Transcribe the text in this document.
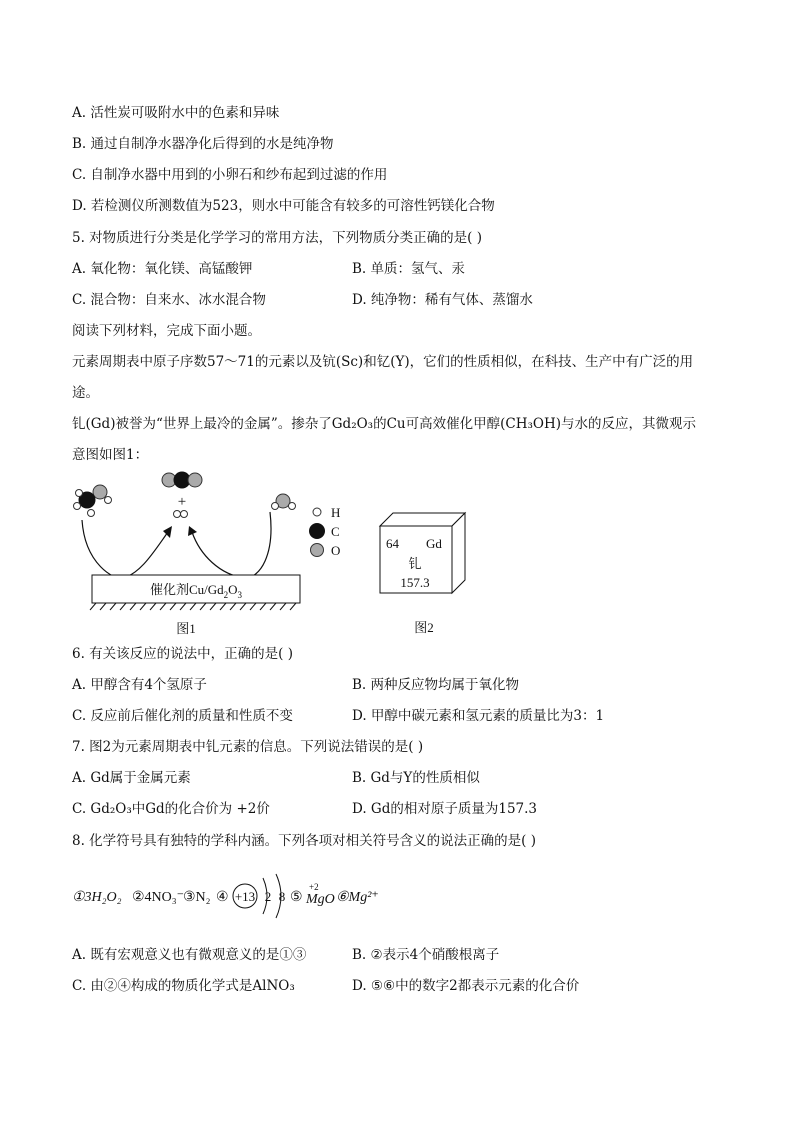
A. 活性炭可吸附水中的色素和异味
B. 通过自制净水器净化后得到的水是纯净物
C. 自制净水器中用到的小卵石和纱布起到过滤的作用
D. 若检测仪所测数值为523，则水中可能含有较多的可溶性钙镁化合物
5. 对物质进行分类是化学学习的常用方法，下列物质分类正确的是( )
A. 氧化物：氧化镁、高锰酸钾	B. 单质：氢气、汞
C. 混合物：自来水、冰水混合物	D. 纯净物：稀有气体、蒸馏水
阅读下列材料，完成下面小题。
元素周期表中原子序数57～71的元素以及钪(Sc)和钇(Y)，它们的性质相似，在科技、生产中有广泛的用
途。
钆(Gd)被誉为“世界上最冷的金属”。掺杂了Gd₂O₃的Cu可高效催化甲醇(CH₃OH)与水的反应，其微观示
意图如图1：
+
催化剂$Cu/Gd_2O_3$
H
C
O
图1
64 Gd
钆
157.3
图2
6. 有关该反应的说法中，正确的是( )
A. 甲醇含有4个氢原子	B. 两种反应物均属于氧化物
C. 反应前后催化剂的质量和性质不变	D. 甲醇中碳元素和氢元素的质量比为3：1
7. 图2为元素周期表中钆元素的信息。下列说法错误的是( )
A. Gd属于金属元素	B. Gd与Y的性质相似
C. Gd₂O₃中Gd的化合价为 +2价	D. Gd的相对原子质量为157.3
8. 化学符号具有独特的学科内涵。下列各项对相关符号含义的说法正确的是( )
①3H₂O₂ ②4NO₃⁻
③N₂ ④ +13 2 8 ⑤
+2
MgO ⑥Mg²⁺
A. 既有宏观意义也有微观意义的是①③	B. ②表示4个硝酸根离子
C. 由②④构成的物质化学式是AlNO₃	D. ⑤⑥中的数字2都表示元素的化合价
